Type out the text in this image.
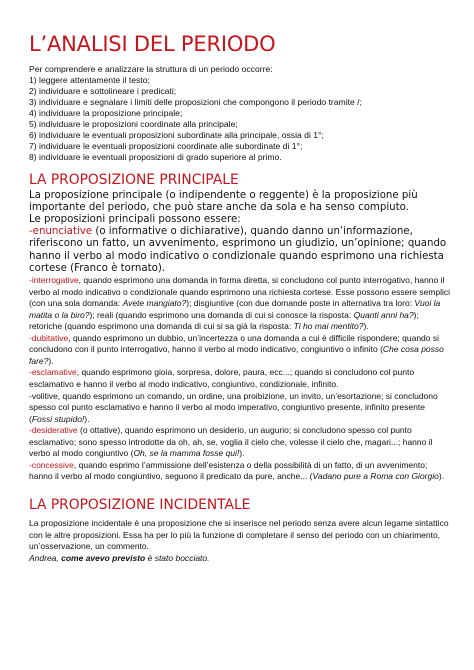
L’ANALISI DEL PERIODO

Per comprendere e analizzare la struttura di un periodo occorre:

1) leggere attentamente il testo;
2) individuare e sottolineare i predicati;
3) individuare e segnalare i limiti delle proposizioni che compongono il periodo tramite /;
4) individuare la proposizione principale;
5) individuare le proposizioni coordinate alla principale;
6) individuare le eventuali proposizioni subordinate alla principale, ossia di 1°;
7) individuare le eventuali proposizioni coordinate alle subordinate di 1°;
8) individuare le eventuali proposizioni di grado superiore al primo.
LA PROPOSIZIONE PRINCIPALE

La proposizione principale (o indipendente o reggente) è la proposizione più importante del periodo, che può stare anche da sola e ha senso compiuto.

Le proposizioni principali possono essere:

-enunciative (o informative o dichiarative), quando danno un’informazione, riferiscono un fatto, un avvenimento, esprimono un giudizio, un’opinione; quando hanno il verbo al modo indicativo o condizionale quando esprimono una richiesta cortese (Franco è tornato).

-interrogative, quando esprimono una domanda in forma diretta, si concludono col punto interrogativo, hanno il verbo al modo indicativo o condizionale quando esprimono una richiesta cortese. Esse possono essere semplici (con una sola domanda: Avete mangiato?); disgiuntive (con due domande poste in alternativa tra loro: Vuoi la matita o la biro?); reali (quando esprimono una domanda di cui si conosce la risposta: Quanti anni ha?); retoriche (quando esprimono una domanda di cui si sa già la risposta: Ti ho mai mentito?).

-dubitative, quando esprimono un dubbio, un’incertezza o una domanda a cui è difficile rispondere; quando si concludono con il punto interrogativo, hanno il verbo al modo indicativo, congiuntivo o infinito (Che cosa posso fare?).

-esclamative, quando esprimono gioia, sorpresa, dolore, paura, ecc...; quando si concludono col punto esclamativo e hanno il verbo al modo indicativo, congiuntivo, condizionale, infinito.

-volitive, quando esprimono un comando, un ordine, una proibizione, un invito, un’esortazione; si concludono spesso col punto esclamativo e hanno il verbo al modo imperativo, congiuntivo presente, infinito presente (Fossi stupido!).

-desiderative (o ottative), quando esprimono un desiderio, un augurio; si concludono spesso col punto esclamativo; sono spesso introdotte da oh, ah, se, voglia il cielo che, volesse il cielo che, magari...; hanno il verbo al modo congiuntivo (Oh, se la mamma fosse qui!).

-concessive, quando esprimo l’ammissione dell’esistenza o della possibilità di un fatto, di un avvenimento; hanno il verbo al modo congiuntivo, seguono il predicato da pure, anche... (Vadano pure a Roma con Giorgio).

LA PROPOSIZIONE INCIDENTALE

La proposizione incidentale è una proposizione che si inserisce nel periodo senza avere alcun legame sintattico con le altre proposizioni. Essa ha per lo più la funzione di completare il senso del periodo con un chiarimento, un’osservazione, un commento.

Andrea, come avevo previsto è stato bocciato.
